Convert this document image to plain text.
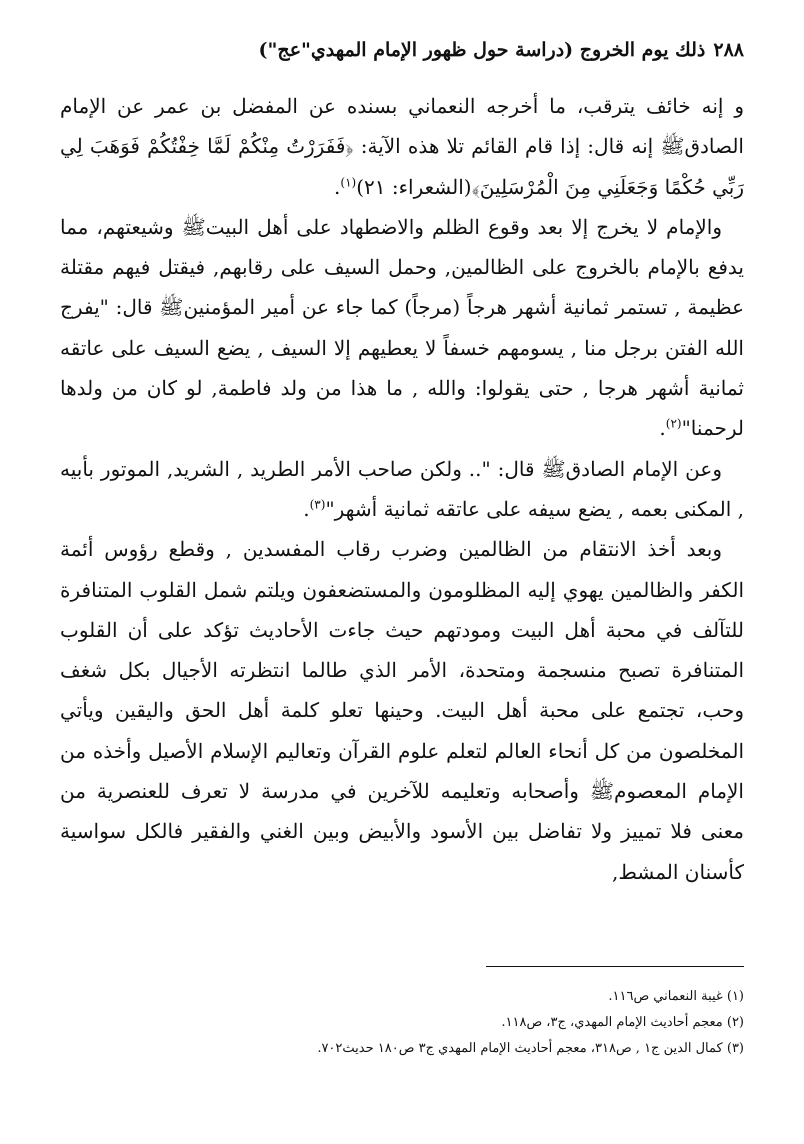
٢٨٨
ذلك يوم الخروج (دراسة حول ظهور الإمام المهدي"عج")

و إنه خائف يترقب، ما أخرجه النعماني بسنده عن المفضل بن عمر عن الإمام الصادقﷺ إنه قال: إذا قام القائم تلا هذه الآية: ﴿فَفَرَرْتُ مِنْكُمْ لَمَّا خِفْتُكُمْ فَوَهَبَ لِي رَبِّي حُكْمًا وَجَعَلَنِي مِنَ الْمُرْسَلِينَ﴾(الشعراء: ٢١)$^{(١)}$.

والإمام لا يخرج إلا بعد وقوع الظلم والاضطهاد على أهل البيتﷺ وشيعتهم، مما يدفع بالإمام بالخروج على الظالمين, وحمل السيف على رقابهم, فيقتل فيهم مقتلة عظيمة , تستمر ثمانية أشهر هرجاً (مرجاً) كما جاء عن أمير المؤمنينﷺ قال: "يفرج الله الفتن برجل منا , يسومهم خسفاً لا يعطيهم إلا السيف , يضع السيف على عاتقه ثمانية أشهر هرجا , حتى يقولوا: والله , ما هذا من ولد فاطمة, لو كان من ولدها لرحمنا"$^{(٢)}$.

وعن الإمام الصادقﷺ قال: ".. ولكن صاحب الأمر الطريد , الشريد, الموتور بأبيه , المكنى بعمه , يضع سيفه على عاتقه ثمانية أشهر"$^{(٣)}$.

وبعد أخذ الانتقام من الظالمين وضرب رقاب المفسدين , وقطع رؤوس أئمة الكفر والظالمين يهوي إليه المظلومون والمستضعفون ويلتم شمل القلوب المتنافرة للتآلف في محبة أهل البيت ومودتهم حيث جاءت الأحاديث تؤكد على أن القلوب المتنافرة تصبح منسجمة ومتحدة، الأمر الذي طالما انتظرته الأجيال بكل شغف وحب، تجتمع على محبة أهل البيت. وحينها تعلو كلمة أهل الحق واليقين ويأتي المخلصون من كل أنحاء العالم لتعلم علوم القرآن وتعاليم الإسلام الأصيل وأخذه من الإمام المعصومﷺ وأصحابه وتعليمه للآخرين في مدرسة لا تعرف للعنصرية من معنى فلا تمييز ولا تفاضل بين الأسود والأبيض وبين الغني والفقير فالكل سواسية كأسنان المشط,

(١) غيبة النعماني ص١١٦.
(٢) معجم أحاديث الإمام المهدي، ج٣، ص١١٨.
(٣) كمال الدين ج١ , ص٣١٨، معجم أحاديث الإمام المهدي ج٣ ص١٨٠ حديث٧٠٢.
